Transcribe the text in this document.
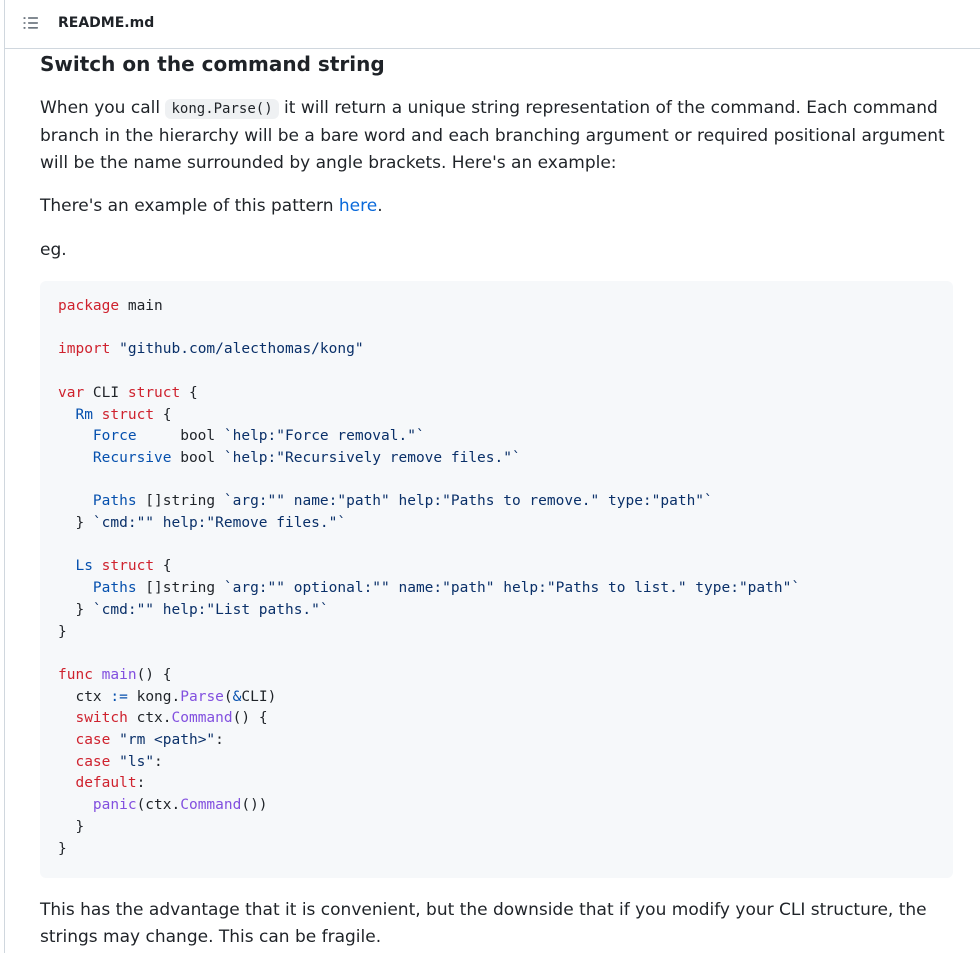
README.md
Switch on the command string

When you call kong.Parse() it will return a unique string representation of the command. Each command branch in the hierarchy will be a bare word and each branching argument or required positional argument will be the name surrounded by angle brackets. Here's an example:

There's an example of this pattern here.

eg.

package main

import "github.com/alecthomas/kong"

var CLI struct {
Rm struct {
Force     bool `help:"Force removal."`
Recursive bool `help:"Recursively remove files."`

Paths []string `arg:"" name:"path" help:"Paths to remove." type:"path"`
} `cmd:"" help:"Remove files."`

Ls struct {
Paths []string `arg:"" optional:"" name:"path" help:"Paths to list." type:"path"`
} `cmd:"" help:"List paths."`
}

func main() {
ctx := kong.Parse(&CLI)
switch ctx.Command() {
case "rm <path>":
case "ls":
default:
panic(ctx.Command())
}
}

This has the advantage that it is convenient, but the downside that if you modify your CLI structure, the strings may change. This can be fragile.
